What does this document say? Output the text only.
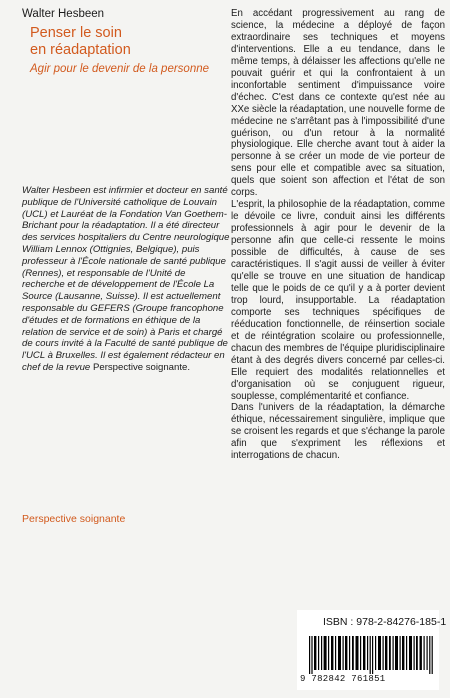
Walter Hesbeen
Penser le soin
en réadaptation
Agir pour le devenir de la personne
Walter Hesbeen est infirmier et docteur en santé publique de l'Université catholique de Louvain (UCL) et Lauréat de la Fondation Van Goethem-Brichant pour la réadaptation. Il a été directeur des services hospitaliers du Centre neurologique William Lennox (Ottignies, Belgique), puis professeur à l'École nationale de santé publique (Rennes), et responsable de l'Unité de recherche et de développement de l'École La Source (Lausanne, Suisse). Il est actuellement responsable du GEFERS (Groupe francophone d'études et de formations en éthique de la relation de service et de soin) à Paris et chargé de cours invité à la Faculté de santé publique de l'UCL à Bruxelles. Il est également rédacteur en chef de la revue Perspective soignante.
Perspective soignante

En accédant progressivement au rang de science, la médecine a déployé de façon extraordinaire ses techniques et moyens d'interventions. Elle a eu tendance, dans le même temps, à délaisser les affections qu'elle ne pouvait guérir et qui la confrontaient à un inconfortable sentiment d'impuissance voire d'échec. C'est dans ce contexte qu'est née au XXe siècle la réadaptation, une nouvelle forme de médecine ne s'arrêtant pas à l'impossibilité d'une guérison, ou d'un retour à la normalité physiologique. Elle cherche avant tout à aider la personne à se créer un mode de vie porteur de sens pour elle et compatible avec sa situation, quels que soient son affection et l'état de son corps.

L'esprit, la philosophie de la réadaptation, comme le dévoile ce livre, conduit ainsi les différents professionnels à agir pour le devenir de la personne afin que celle-ci ressente le moins possible de difficultés, à cause de ses caractéristiques. Il s'agit aussi de veiller à éviter qu'elle se trouve en une situation de handicap telle que le poids de ce qu'il y a à porter devient trop lourd, insupportable. La réadaptation comporte ses techniques spécifiques de rééducation fonctionnelle, de réinsertion sociale et de réintégration scolaire ou professionnelle, chacun des membres de l'équipe pluridisciplinaire étant à des degrés divers concerné par celles-ci. Elle requiert des modalités relationnelles et d'organisation où se conjuguent rigueur, souplesse, complémentarité et confiance.

Dans l'univers de la réadaptation, la démarche éthique, nécessairement singulière, implique que se croisent les regards et que s'échange la parole afin que s'expriment les réflexions et interrogations de chacun.

ISBN : 978-2-84276-185-1
9 782842 761851
